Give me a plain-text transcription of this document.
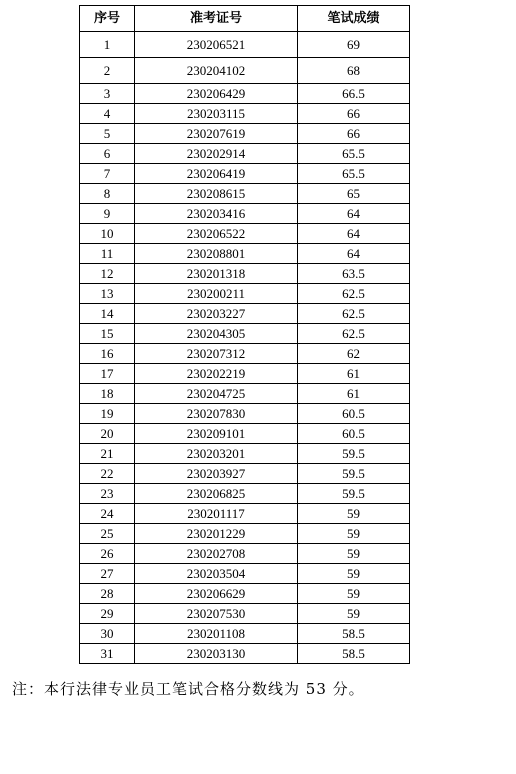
序号	准考证号	笔试成绩
1	230206521	69
2	230204102	68
3	230206429	66.5
4	230203115	66
5	230207619	66
6	230202914	65.5
7	230206419	65.5
8	230208615	65
9	230203416	64
10	230206522	64
11	230208801	64
12	230201318	63.5
13	230200211	62.5
14	230203227	62.5
15	230204305	62.5
16	230207312	62
17	230202219	61
18	230204725	61
19	230207830	60.5
20	230209101	60.5
21	230203201	59.5
22	230203927	59.5
23	230206825	59.5
24	230201117	59
25	230201229	59
26	230202708	59
27	230203504	59
28	230206629	59
29	230207530	59
30	230201108	58.5
31	230203130	58.5
注：本行法律专业员工笔试合格分数线为 53 分。
